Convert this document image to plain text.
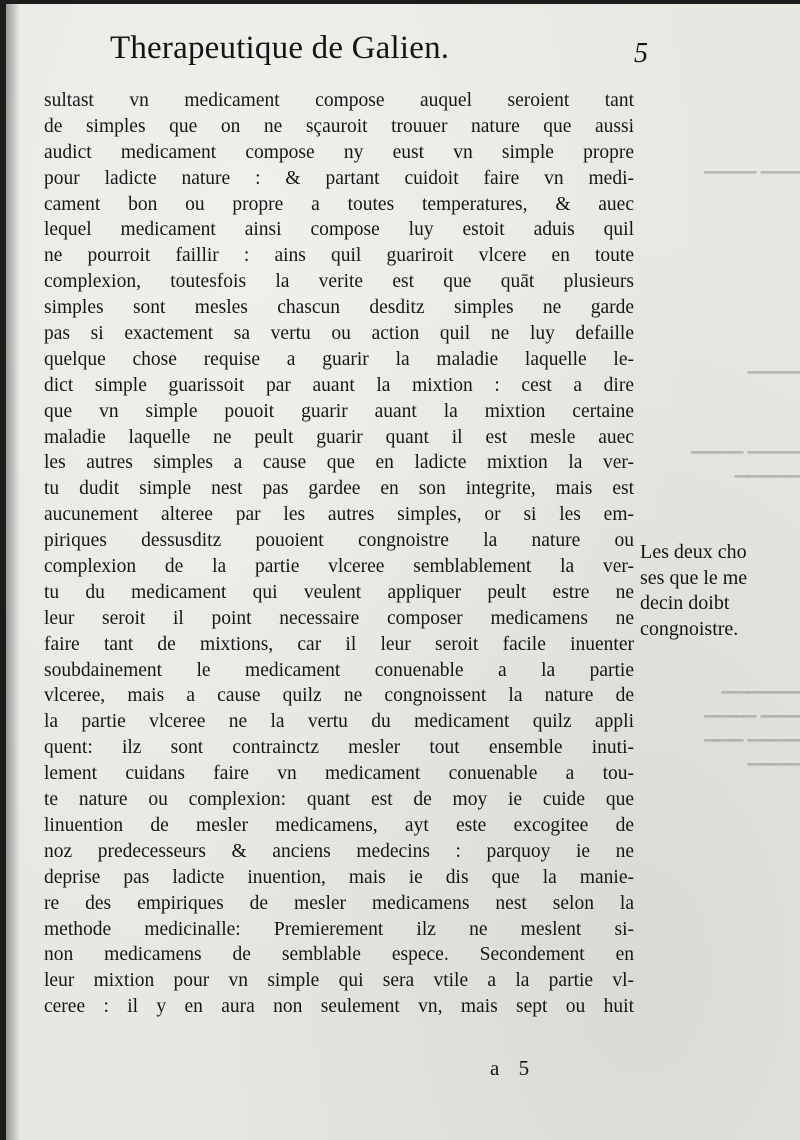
Therapeutique de Galien.	5
sultast vn medicament compose auquel seroient tant
de simples que on ne sçauroit trouuer nature que aussi
audict medicament compose ny eust vn simple propre
pour ladicte nature : & partant cuidoit faire vn medi-
cament bon ou propre a toutes temperatures, & auec
lequel medicament ainsi compose luy estoit aduis quil
ne pourroit faillir : ains quil guariroit vlcere en toute
complexion, toutesfois la verite est que quāt plusieurs
simples sont mesles chascun desditz simples ne garde
pas si exactement sa vertu ou action quil ne luy defaille
quelque chose requise a guarir la maladie laquelle le-
dict simple guarissoit par auant la mixtion : cest a dire
que vn simple pouoit guarir auant la mixtion certaine
maladie laquelle ne peult guarir quant il est mesle auec
les autres simples a cause que en ladicte mixtion la ver-
tu dudit simple nest pas gardee en son integrite, mais est
aucunement alteree par les autres simples, or si les em-
piriques dessusditz pouoient congnoistre la nature ou
complexion de la partie vlceree semblablement la ver-
tu du medicament qui veulent appliquer peult estre ne
leur seroit il point necessaire composer medicamens ne
faire tant de mixtions, car il leur seroit facile inuenter
soubdainement le medicament conuenable a la partie
vlceree, mais a cause quilz ne congnoissent la nature de
la partie vlceree ne la vertu du medicament quilz appli
quent: ilz sont contrainctz mesler tout ensemble inuti-
lement cuidans faire vn medicament conuenable a tou-
te nature ou complexion: quant est de moy ie cuide que
linuention de mesler medicamens, ayt este excogitee de
noz predecesseurs & anciens medecins : parquoy ie ne
deprise pas ladicte inuention, mais ie dis que la manie-
re des empiriques de mesler medicamens nest selon la
methode medicinalle: Premierement ilz ne meslent si-
non medicamens de semblable espece. Secondement en
leur mixtion pour vn simple qui sera vtile a la partie vl-
ceree : il y en aura non seulement vn, mais sept ou huit
Les deux cho
ses que le me
decin doibt
congnoistre.
▔▔▔ ▔▔▔▔
▔▔▔▔
▔▔▔▔ ▔▔▔▔
▔▔▔▔▔
▔▔▔▔▔▔
▔▔▔ ▔▔▔▔
▔▔▔▔ ▔▔▔
▔▔▔▔
a 5
